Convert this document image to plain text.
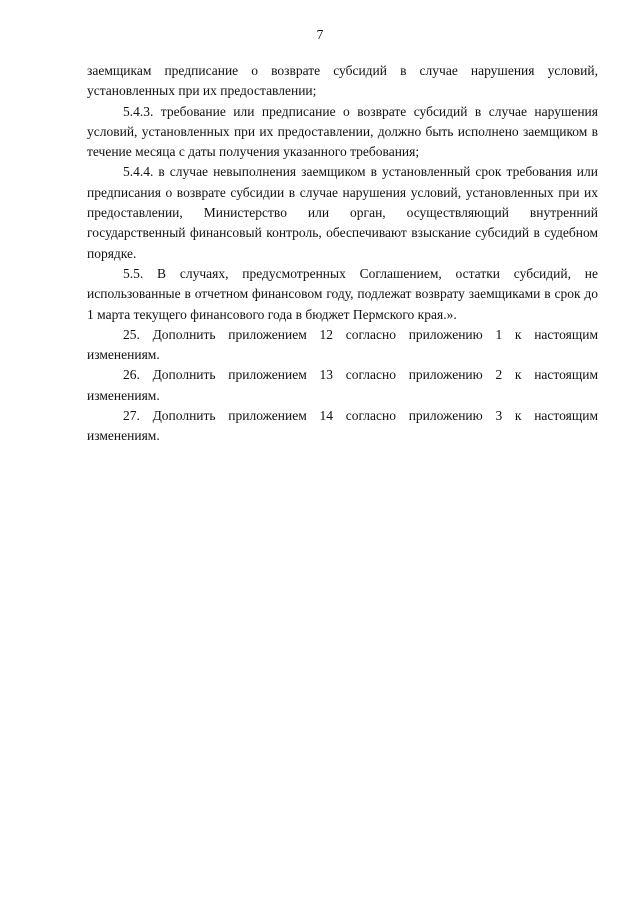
7

заемщикам предписание о возврате субсидий в случае нарушения условий, установленных при их предоставлении;

5.4.3. требование или предписание о возврате субсидий в случае нарушения условий, установленных при их предоставлении, должно быть исполнено заемщиком в течение месяца с даты получения указанного требования;

5.4.4. в случае невыполнения заемщиком в установленный срок требования или предписания о возврате субсидии в случае нарушения условий, установленных при их предоставлении, Министерство или орган, осуществляющий внутренний государственный финансовый контроль, обеспечивают взыскание субсидий в судебном порядке.

5.5. В случаях, предусмотренных Соглашением, остатки субсидий, не использованные в отчетном финансовом году, подлежат возврату заемщиками в срок до 1 марта текущего финансового года в бюджет Пермского края.».

25. Дополнить приложением 12 согласно приложению 1 к настоящим изменениям.

26. Дополнить приложением 13 согласно приложению 2 к настоящим изменениям.

27. Дополнить приложением 14 согласно приложению 3 к настоящим изменениям.
